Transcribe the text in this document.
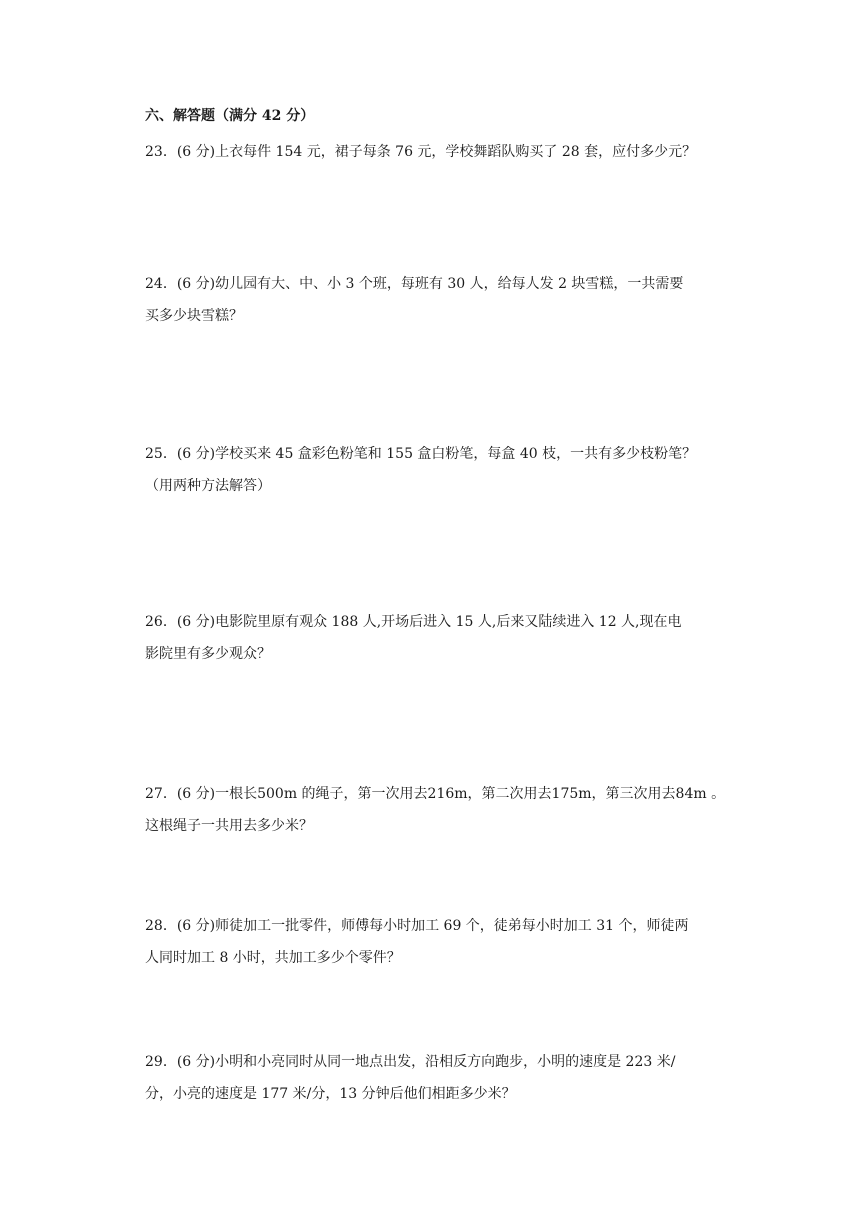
六、解答题（满分 42 分）
23．(6 分)上衣每件 154 元，裙子每条 76 元，学校舞蹈队购买了 28 套，应付多少元？
24．(6 分)幼儿园有大、中、小 3 个班，每班有 30 人，给每人发 2 块雪糕，一共需要
买多少块雪糕？
25．(6 分)学校买来 45 盒彩色粉笔和 155 盒白粉笔，每盒 40 枝，一共有多少枝粉笔？
（用两种方法解答）
26．(6 分)电影院里原有观众 188 人,开场后进入 15 人,后来又陆续进入 12 人,现在电
影院里有多少观众？
27．(6 分)一根长500m 的绳子，第一次用去216m，第二次用去175m，第三次用去84m 。
这根绳子一共用去多少米？
28．(6 分)师徒加工一批零件，师傅每小时加工 69 个，徒弟每小时加工 31 个，师徒两
人同时加工 8 小时，共加工多少个零件？
29．(6 分)小明和小亮同时从同一地点出发，沿相反方向跑步，小明的速度是 223 米/
分，小亮的速度是 177 米/分，13 分钟后他们相距多少米？
